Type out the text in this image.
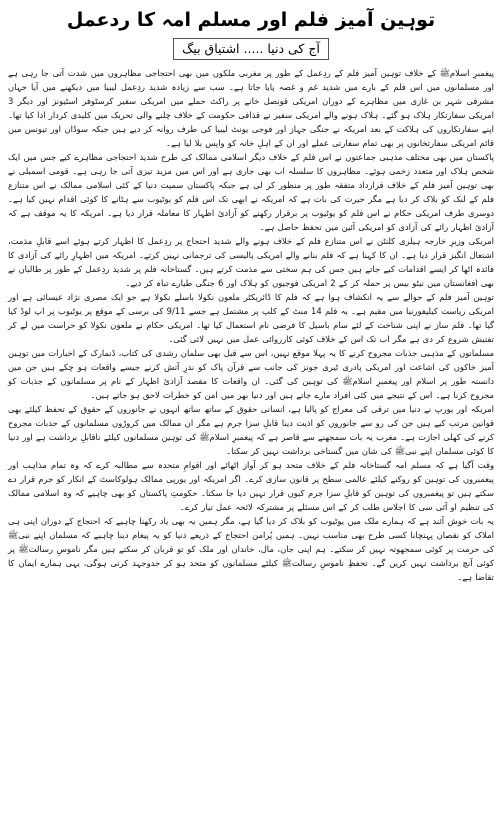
توہین آمیز فلم اور مسلم امہ کا ردعمل
آج کی دنیا.....اشتیاق بیگ

پیغمبرِ اسلامﷺ کے خلاف توہین آمیز فلم کے ردِعمل کے طور پر مغربی ملکوں میں بھی احتجاجی مظاہروں میں شدت آتی جا رہی ہے اور مسلمانوں میں اس فلم کے بارے میں شدید غم و غصہ پایا جاتا ہے۔ سب سے زیادہ شدید ردِعمل لیبیا میں دیکھنے میں آیا جہاں مشرقی شہر بن غازی میں مظاہرے کے دوران امریکی قونصل خانے پر راکٹ حملے میں امریکی سفیر کرسٹوفر اسٹیونز اور دیگر 3 امریکی سفارتکار ہلاک ہو گئے۔ ہلاک ہونے والے امریکی سفیر نے قذافی حکومت کے خلاف چلنے والی تحریک میں کلیدی کردار ادا کیا تھا۔ اپنے سفارتکاروں کی ہلاکت کے بعد امریکہ نے جنگی جہاز اور فوجی یونٹ لیبیا کی طرف روانہ کر دیے ہیں جبکہ سوڈان اور تیونس میں قائم امریکی سفارتخانوں پر بھی تمام سفارتی عملے اور ان کے اہلِ خانہ کو واپس بلا لیا ہے۔

پاکستان میں بھی مختلف مذہبی جماعتوں نے اس فلم کے خلاف دیگر اسلامی ممالک کی طرح شدید احتجاجی مظاہرے کیے جس میں ایک شخص ہلاک اور متعدد زخمی ہوئے۔ مظاہروں کا سلسلہ اب بھی جاری ہے اور اس میں مزید تیزی آتی جا رہی ہے۔ قومی اسمبلی نے بھی توہین آمیز فلم کے خلاف قرارداد متفقہ طور پر منظور کر لی ہے جبکہ پاکستان سمیت دنیا کے کئی اسلامی ممالک نے اس متنازع فلم کے لنک کو بلاک کر دیا ہے مگر حیرت کی بات ہے کہ امریکہ نے ابھی تک اس فلم کو یوٹیوب سے ہٹانے کا کوئی اقدام نہیں کیا ہے۔ دوسری طرف امریکی حکام نے اس فلم کو یوٹیوب پر برقرار رکھنے کو آزادیٔ اظہار کا معاملہ قرار دیا ہے۔ امریکہ کا یہ موقف ہے کہ آزادیٔ اظہار رائے کی آزادی کو امریکی آئین میں تحفظ حاصل ہے۔

امریکی وزیرِ خارجہ ہیلری کلنٹن نے اس متنازع فلم کے خلاف ہونے والے شدید احتجاج پر ردِعمل کا اظہار کرتے ہوئے اسے قابلِ مذمت، اشتعال انگیز قرار دیا ہے۔ ان کا کہنا ہے کہ فلم بنانے والے امریکی پالیسی کی ترجمانی نہیں کرتے۔ امریکہ میں اظہارِ رائے کی آزادی کا فائدہ اٹھا کر ایسے اقدامات کیے جاتے ہیں جس کی ہم سختی سے مذمت کرتے ہیں۔ گستاخانہ فلم پر شدید ردِعمل کے طور پر طالبان نے بھی افغانستان میں نیٹو بیس پر حملہ کر کے 2 امریکی فوجیوں کو ہلاک اور 6 جنگی طیارے تباہ کر دیے۔

توہین آمیز فلم کے حوالے سے یہ انکشاف ہوا ہے کہ فلم کا ڈائریکٹر ملعون نکولا باسلے نکولا ہے جو ایک مصری نژاد عیسائی ہے اور امریکی ریاست کیلیفورنیا میں مقیم ہے۔ یہ فلم 14 منٹ کے کلپ پر مشتمل ہے جسے 9/11 کی برسی کے موقع پر یوٹیوب پر اپ لوڈ کیا گیا تھا۔ فلم ساز نے اپنی شناخت کے لئے سام باسیل کا فرضی نام استعمال کیا تھا۔ امریکی حکام نے ملعون نکولا کو حراست میں لے کر تفتیش شروع کر دی ہے مگر اب تک اس کے خلاف کوئی کارروائی عمل میں نہیں لائی گئی۔

مسلمانوں کے مذہبی جذبات مجروح کرنے کا یہ پہلا موقع نہیں، اس سے قبل بھی سلمان رشدی کی کتاب، ڈنمارک کے اخبارات میں توہین آمیز خاکوں کی اشاعت اور امریکی پادری ٹیری جونز کی جانب سے قرآن پاک کو نذرِ آتش کرنے جیسے واقعات ہو چکے ہیں جن میں دانستہ طور پر اسلام اور پیغمبرِ اسلامﷺ کی توہین کی گئی۔ ان واقعات کا مقصد آزادیٔ اظہار کے نام پر مسلمانوں کے جذبات کو مجروح کرنا ہے۔ اس کے نتیجے میں کئی افراد مارے جاتے ہیں اور دنیا بھر میں امن کو خطرات لاحق ہو جاتے ہیں۔

امریکہ اور یورپ نے دنیا میں ترقی کی معراج کو پالیا ہے، انسانی حقوق کے ساتھ ساتھ انہوں نے جانوروں کے حقوق کے تحفظ کیلئے بھی قوانین مرتب کیے ہیں جن کی رو سے جانوروں کو اذیت دینا قابلِ سزا جرم ہے مگر ان ممالک میں کروڑوں مسلمانوں کے جذبات مجروح کرنے کی کھلی اجازت ہے۔ مغرب یہ بات سمجھنے سے قاصر ہے کہ پیغمبرِ اسلامﷺ کی توہین مسلمانوں کیلئے ناقابلِ برداشت ہے اور دنیا کا کوئی مسلمان اپنے نبیﷺ کی شان میں گستاخی برداشت نہیں کر سکتا۔

وقت آگیا ہے کہ مسلم امہ گستاخانہ فلم کے خلاف متحد ہو کر آواز اٹھائے اور اقوامِ متحدہ سے مطالبہ کرے کہ وہ تمام مذاہب اور پیغمبروں کی توہین کو روکنے کیلئے عالمی سطح پر قانون سازی کرے۔ اگر امریکہ اور یورپی ممالک ہولوکاسٹ کے انکار کو جرم قرار دے سکتے ہیں تو پیغمبروں کی توہین کو قابلِ سزا جرم کیوں قرار نہیں دیا جا سکتا۔ حکومتِ پاکستان کو بھی چاہیے کہ وہ اسلامی ممالک کی تنظیم او آئی سی کا اجلاس طلب کر کے اس مسئلے پر مشترکہ لائحہ عمل تیار کرے۔

یہ بات خوش آئند ہے کہ ہمارے ملک میں یوٹیوب کو بلاک کر دیا گیا ہے، مگر ہمیں یہ بھی یاد رکھنا چاہیے کہ احتجاج کے دوران اپنی ہی املاک کو نقصان پہنچانا کسی طرح بھی مناسب نہیں۔ ہمیں پُرامن احتجاج کے ذریعے دنیا کو یہ پیغام دینا چاہیے کہ مسلمان اپنے نبیﷺ کی حرمت پر کوئی سمجھوتہ نہیں کر سکتے۔ ہم اپنی جان، مال، خاندان اور ملک کو تو قربان کر سکتے ہیں مگر ناموسِ رسالتﷺ پر کوئی آنچ برداشت نہیں کریں گے۔ تحفظِ ناموسِ رسالتﷺ کیلئے مسلمانوں کو متحد ہو کر جدوجہد کرنی ہوگی، یہی ہمارے ایمان کا تقاضا ہے۔
